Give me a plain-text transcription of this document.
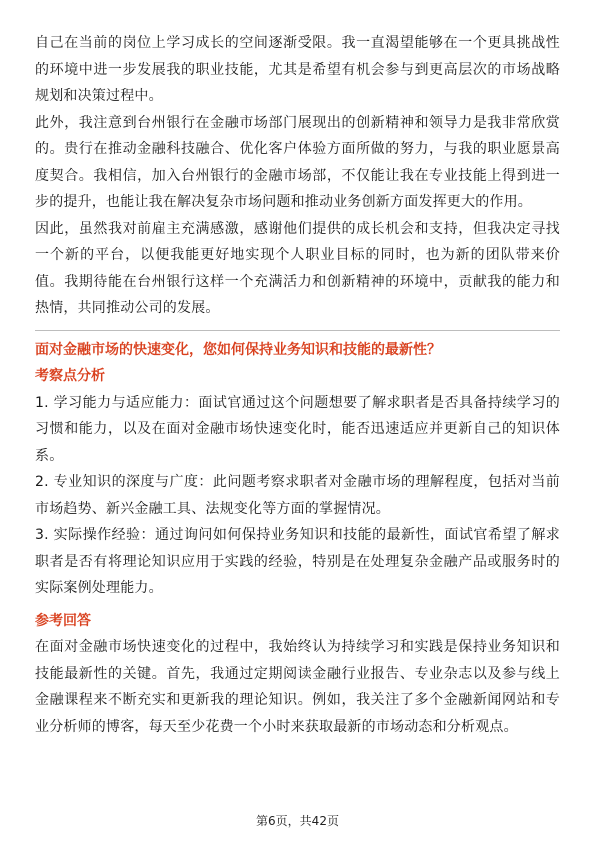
自己在当前的岗位上学习成长的空间逐渐受限。我一直渴望能够在一个更具挑战性的环境中进一步发展我的职业技能，尤其是希望有机会参与到更高层次的市场战略规划和决策过程中。

此外，我注意到台州银行在金融市场部门展现出的创新精神和领导力是我非常欣赏的。贵行在推动金融科技融合、优化客户体验方面所做的努力，与我的职业愿景高度契合。我相信，加入台州银行的金融市场部，不仅能让我在专业技能上得到进一步的提升，也能让我在解决复杂市场问题和推动业务创新方面发挥更大的作用。

因此，虽然我对前雇主充满感激，感谢他们提供的成长机会和支持，但我决定寻找一个新的平台，以便我能更好地实现个人职业目标的同时，也为新的团队带来价值。我期待能在台州银行这样一个充满活力和创新精神的环境中，贡献我的能力和热情，共同推动公司的发展。

面对金融市场的快速变化，您如何保持业务知识和技能的最新性？

考察点分析

1. 学习能力与适应能力：面试官通过这个问题想要了解求职者是否具备持续学习的习惯和能力，以及在面对金融市场快速变化时，能否迅速适应并更新自己的知识体系。

2. 专业知识的深度与广度：此问题考察求职者对金融市场的理解程度，包括对当前市场趋势、新兴金融工具、法规变化等方面的掌握情况。

3. 实际操作经验：通过询问如何保持业务知识和技能的最新性，面试官希望了解求职者是否有将理论知识应用于实践的经验，特别是在处理复杂金融产品或服务时的实际案例处理能力。

参考回答

在面对金融市场快速变化的过程中，我始终认为持续学习和实践是保持业务知识和技能最新性的关键。首先，我通过定期阅读金融行业报告、专业杂志以及参与线上金融课程来不断充实和更新我的理论知识。例如，我关注了多个金融新闻网站和专业分析师的博客，每天至少花费一个小时来获取最新的市场动态和分析观点。

第6页，共42页
